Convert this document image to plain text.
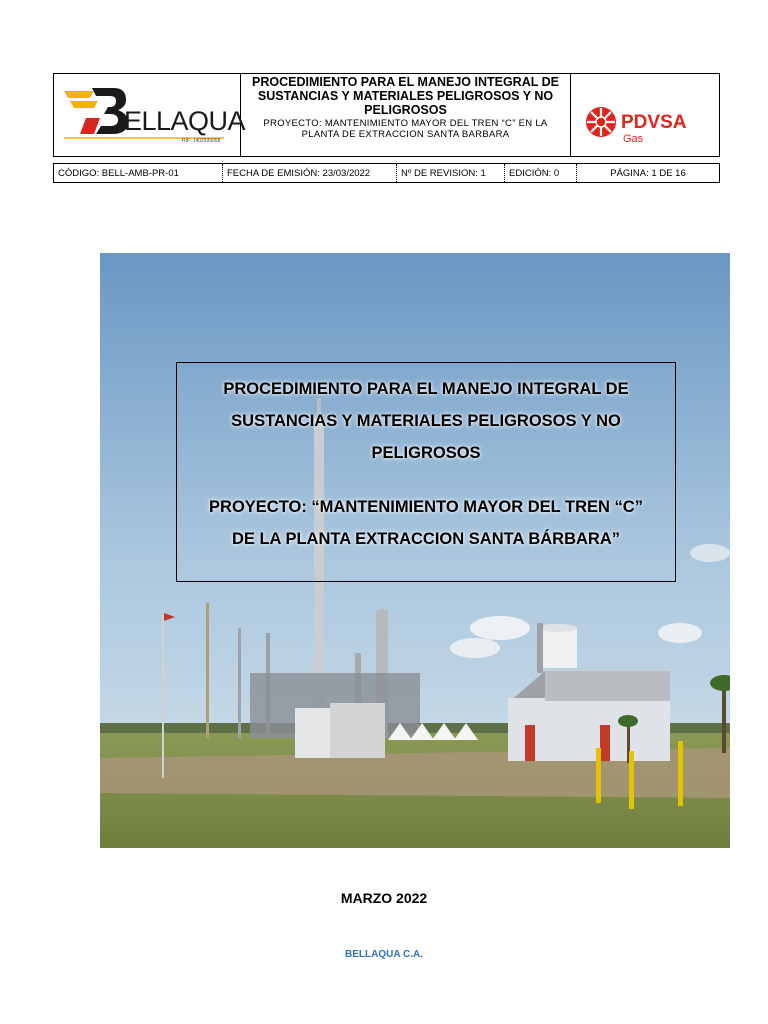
ELLAQUA
RIF: J402599958
PROCEDIMIENTO PARA EL MANEJO INTEGRAL DE SUSTANCIAS Y MATERIALES PELIGROSOS Y NO PELIGROSOS
PROYECTO: MANTENIMIENTO MAYOR DEL TREN “C” EN LA
PLANTA DE EXTRACCION SANTA BARBARA
PDVSA
Gas
CÓDIGO: BELL-AMB-PR-01	FECHA DE EMISIÓN: 23/03/2022	Nº DE REVISION: 1	EDICIÓN: 0	PÁGINA: 1 DE 16
PROCEDIMIENTO PARA EL MANEJO INTEGRAL DE
SUSTANCIAS Y MATERIALES PELIGROSOS Y NO
PELIGROSOS
PROYECTO: “MANTENIMIENTO MAYOR DEL TREN “C”
DE LA PLANTA EXTRACCION SANTA BÁRBARA”
MARZO 2022
BELLAQUA C.A.
